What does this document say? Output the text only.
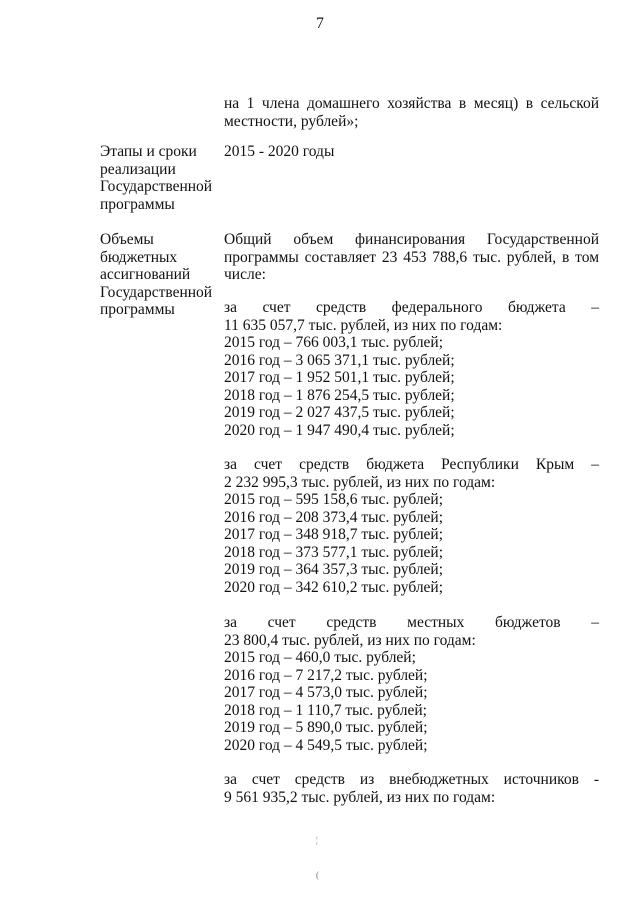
7
на 1 члена домашнего хозяйства в месяц) в сельской
местности, рублей»;
Этапы и сроки
реализации
Государственной
программы
2015 - 2020 годы
Объемы
бюджетных
ассигнований
Государственной
программы
Общий объем финансирования Государственной
программы составляет 23 453 788,6 тыс. рублей, в том
числе:
за счет средств федерального бюджета –
11 635 057,7 тыс. рублей, из них по годам:
2015 год – 766 003,1 тыс. рублей;
2016 год – 3 065 371,1 тыс. рублей;
2017 год – 1 952 501,1 тыс. рублей;
2018 год – 1 876 254,5 тыс. рублей;
2019 год – 2 027 437,5 тыс. рублей;
2020 год – 1 947 490,4 тыс. рублей;
за счет средств бюджета Республики Крым –
2 232 995,3 тыс. рублей, из них по годам:
2015 год – 595 158,6 тыс. рублей;
2016 год – 208 373,4 тыс. рублей;
2017 год – 348 918,7 тыс. рублей;
2018 год – 373 577,1 тыс. рублей;
2019 год – 364 357,3 тыс. рублей;
2020 год – 342 610,2 тыс. рублей;
за счет средств местных бюджетов –
23 800,4 тыс. рублей, из них по годам:
2015 год – 460,0 тыс. рублей;
2016 год – 7 217,2 тыс. рублей;
2017 год – 4 573,0 тыс. рублей;
2018 год – 1 110,7 тыс. рублей;
2019 год – 5 890,0 тыс. рублей;
2020 год – 4 549,5 тыс. рублей;
за счет средств из внебюджетных источников -
9 561 935,2 тыс. рублей, из них по годам:
¦
(
